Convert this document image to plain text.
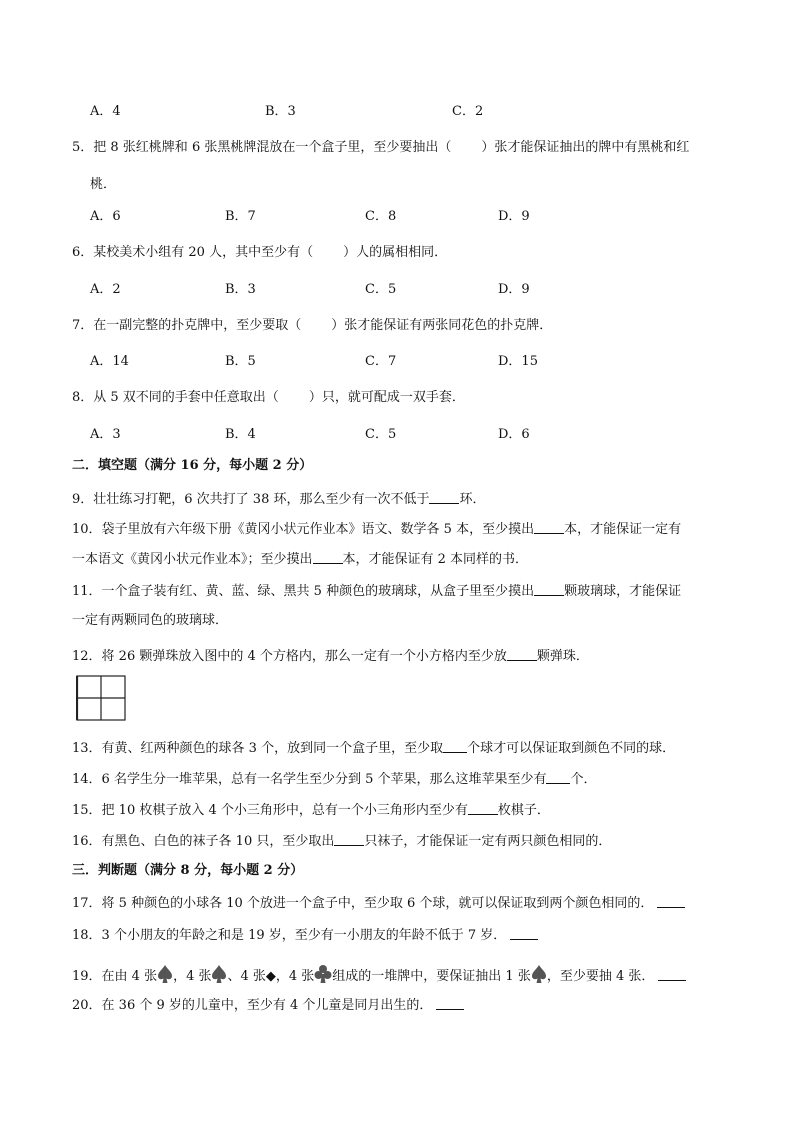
A．4	B．3	C．2
5．把 8 张红桃牌和 6 张黑桃牌混放在一个盒子里，至少要抽出（ ）张才能保证抽出的牌中有黑桃和红
桃．
A．6	B．7	C．8	D．9
6．某校美术小组有 20 人，其中至少有（ ）人的属相相同．
A．2	B．3	C．5	D．9
7．在一副完整的扑克牌中，至少要取（ ）张才能保证有两张同花色的扑克牌．
A．14	B．5	C．7	D．15
8．从 5 双不同的手套中任意取出（ ）只，就可配成一双手套．
A．3	B．4	C．5	D．6
二．填空题（满分 16 分，每小题 2 分）
9．壮壮练习打靶，6 次共打了 38 环，那么至少有一次不低于 环．
10．袋子里放有六年级下册《黄冈小状元作业本》语文、数学各 5 本，至少摸出 本，才能保证一定有
一本语文《黄冈小状元作业本》；至少摸出 本，才能保证有 2 本同样的书．
11．一个盒子装有红、黄、蓝、绿、黑共 5 种颜色的玻璃球，从盒子里至少摸出 颗玻璃球，才能保证
一定有两颗同色的玻璃球．
12．将 26 颗弹珠放入图中的 4 个方格内，那么一定有一个小方格内至少放 颗弹珠．
13．有黄、红两种颜色的球各 3 个，放到同一个盒子里，至少取 个球才可以保证取到颜色不同的球．
14．6 名学生分一堆苹果，总有一名学生至少分到 5 个苹果，那么这堆苹果至少有 个．
15．把 10 枚棋子放入 4 个小三角形中，总有一个小三角形内至少有 枚棋子．
16．有黑色、白色的袜子各 10 只，至少取出 只袜子，才能保证一定有两只颜色相同的．
三．判断题（满分 8 分，每小题 2 分）
17．将 5 种颜色的小球各 10 个放进一个盒子中，至少取 6 个球，就可以保证取到两个颜色相同的．
18．3 个小朋友的年龄之和是 19 岁，至少有一小朋友的年龄不低于 7 岁．
19．在由 4 张 ，4 张 、4 张◆，4 张 组成的一堆牌中，要保证抽出 1 张 ，至少要抽 4 张．
20．在 36 个 9 岁的儿童中，至少有 4 个儿童是同月出生的．
